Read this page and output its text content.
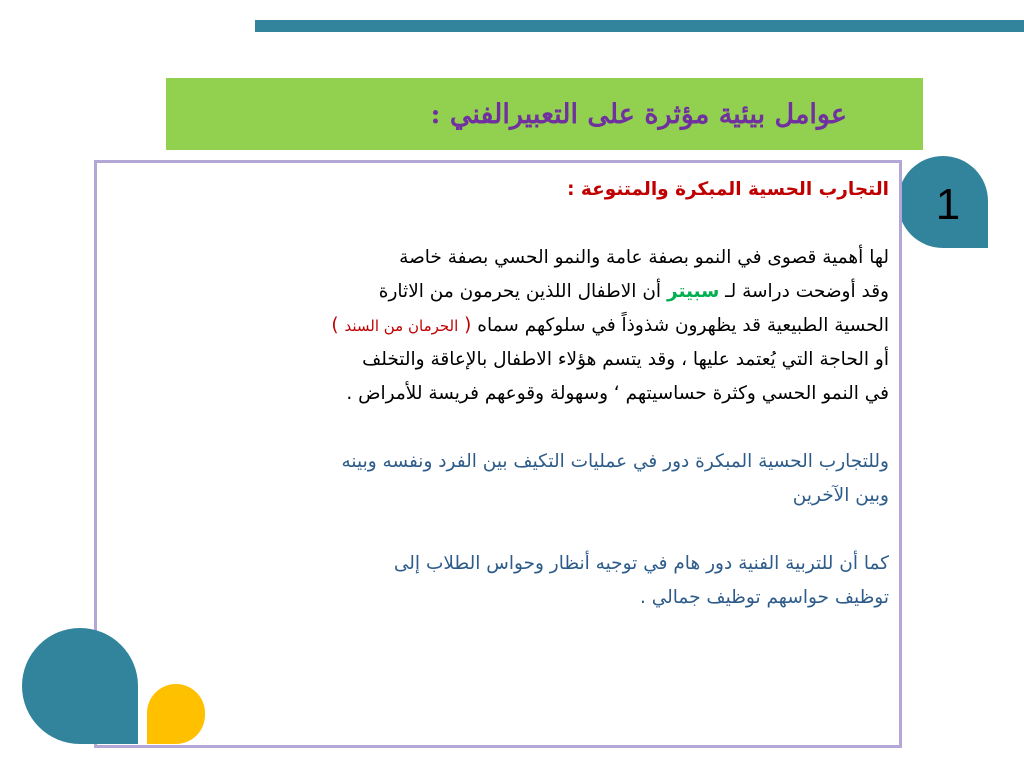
عوامل بيئية مؤثرة على التعبيرالفني :
1

التجارب الحسية المبكرة والمتنوعة :

لها أهمية قصوى في النمو بصفة عامة والنمو الحسي بصفة خاصة

وقد أوضحت دراسة لـ سبيتر أن الاطفال اللذين يحرمون من الاثارة

الحسية الطبيعية قد يظهرون شذوذاً في سلوكهم سماه ( الحرمان من السند )

أو الحاجة التي يُعتمد عليها ، وقد يتسم هؤلاء الاطفال بالإعاقة والتخلف

في النمو الحسي وكثرة حساسيتهم ‘ وسهولة وقوعهم فريسة للأمراض .

وللتجارب الحسية المبكرة دور في عمليات التكيف بين الفرد ونفسه وبينه

وبين الآخرين

كما أن للتربية الفنية دور هام في توجيه أنظار وحواس الطلاب إلى

توظيف حواسهم توظيف جمالي .
